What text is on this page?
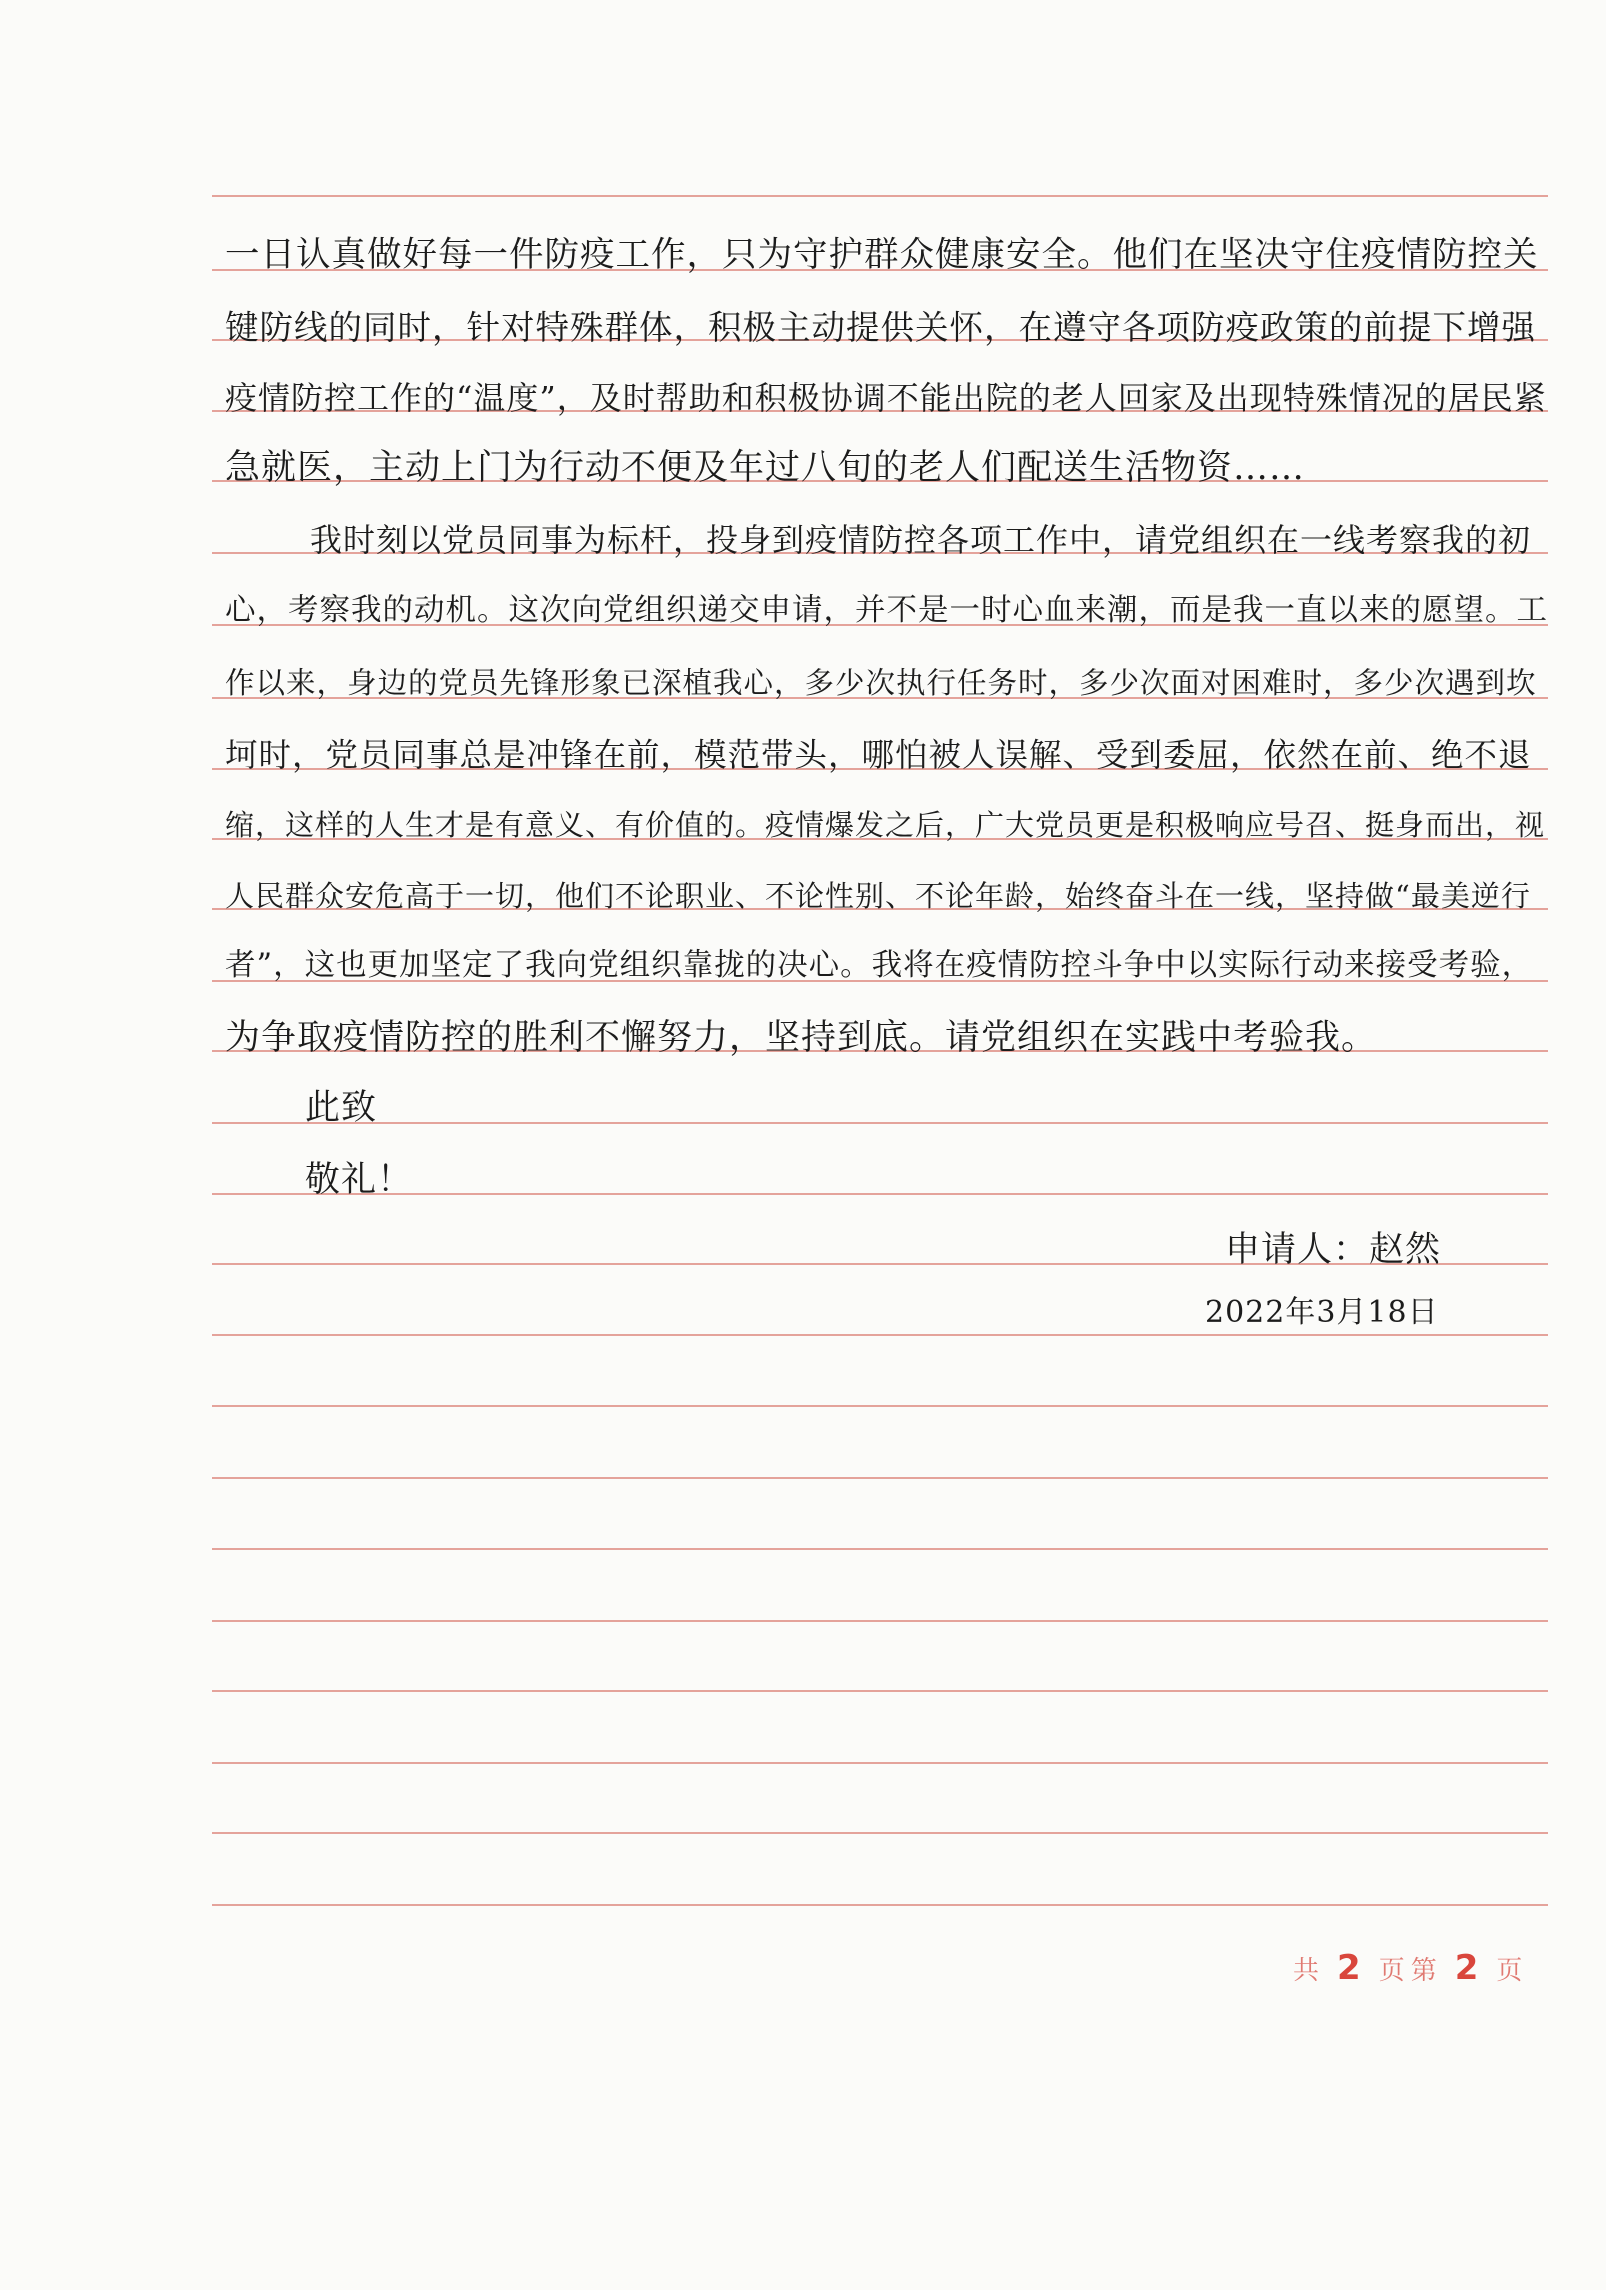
一日认真做好每一件防疫工作，只为守护群众健康安全。他们在坚决守住疫情防控关
键防线的同时，针对特殊群体，积极主动提供关怀，在遵守各项防疫政策的前提下增强
疫情防控工作的“温度”，及时帮助和积极协调不能出院的老人回家及出现特殊情况的居民紧
急就医，主动上门为行动不便及年过八旬的老人们配送生活物资……
我时刻以党员同事为标杆，投身到疫情防控各项工作中，请党组织在一线考察我的初
心，考察我的动机。这次向党组织递交申请，并不是一时心血来潮，而是我一直以来的愿望。工
作以来，身边的党员先锋形象已深植我心，多少次执行任务时，多少次面对困难时，多少次遇到坎
坷时，党员同事总是冲锋在前，模范带头，哪怕被人误解、受到委屈，依然在前、绝不退
缩，这样的人生才是有意义、有价值的。疫情爆发之后，广大党员更是积极响应号召、挺身而出，视
人民群众安危高于一切，他们不论职业、不论性别、不论年龄，始终奋斗在一线，坚持做“最美逆行
者”，这也更加坚定了我向党组织靠拢的决心。我将在疫情防控斗争中以实际行动来接受考验，
为争取疫情防控的胜利不懈努力，坚持到底。请党组织在实践中考验我。
此致
敬礼！
申请人：赵然
2022年3月18日
共 2 页 第 2 页
